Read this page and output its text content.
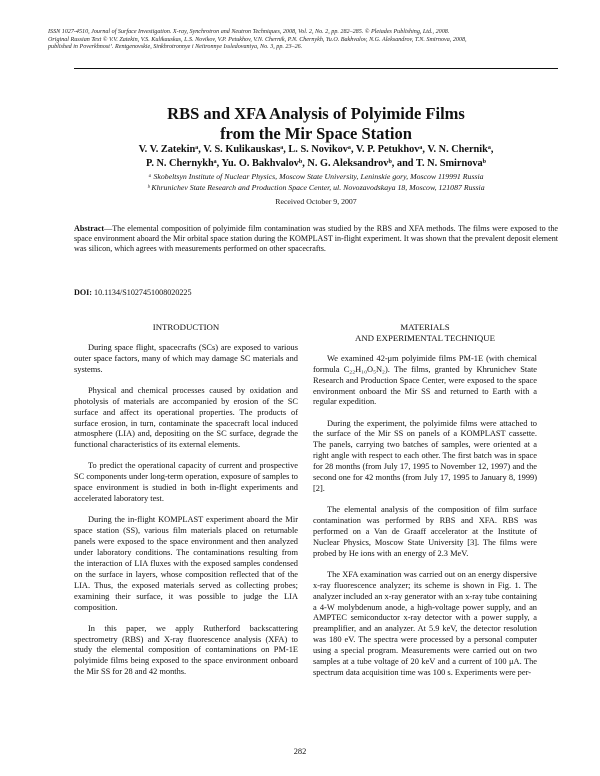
ISSN 1027-4510, Journal of Surface Investigation. X-ray, Synchrotron and Neutron Techniques, 2008, Vol. 2, No. 2, pp. 282–285. © Pleiades Publishing, Ltd., 2008.
Original Russian Text © V.V. Zatekin, V.S. Kulikauskas, L.S. Novikov, V.P. Petukhov, V.N. Chernik, P.N. Chernykh, Yu.O. Bakhvalov, N.G. Aleksandrov, T.N. Smirnova, 2008,
published in Poverkhnost’. Rentgenovskie, Sinkhrotronnye i Neitronnye Issledovaniya, No. 3, pp. 23–26.
RBS and XFA Analysis of Polyimide Films
from the Mir Space Station
V. V. Zatekinᵃ, V. S. Kulikauskasᵃ, L. S. Novikovᵃ, V. P. Petukhovᵃ, V. N. Chernikᵃ,
P. N. Chernykhᵃ, Yu. O. Bakhvalovᵇ, N. G. Aleksandrovᵇ, and T. N. Smirnovaᵇ
ᵃ Skobeltsyn Institute of Nuclear Physics, Moscow State University, Leninskie gory, Moscow 119991 Russia
ᵇ Khrunichev State Research and Production Space Center, ul. Novozavodskaya 18, Moscow, 121087 Russia
Received October 9, 2007
Abstract—The elemental composition of polyimide film contamination was studied by the RBS and XFA methods. The films were exposed to the space environment aboard the Mir orbital space station during the KOMPLAST in-flight experiment. It was shown that the prevalent deposit element was silicon, which agrees with measurements performed on other spacecrafts.
DOI: 10.1134/S1027451008020225
INTRODUCTION

During space flight, spacecrafts (SCs) are exposed to various outer space factors, many of which may damage SC materials and systems.

Physical and chemical processes caused by oxidation and photolysis of materials are accompanied by erosion of the SC surface and affect its operational properties. The products of surface erosion, in turn, contaminate the spacecraft local induced atmosphere (LIA) and, depositing on the SC surface, degrade the functional characteristics of its external elements.

To predict the operational capacity of current and prospective SC components under long-term operation, exposure of samples to space environment is studied in both in-flight experiments and accelerated laboratory test.

During the in-flight KOMPLAST experiment aboard the Mir space station (SS), various film materials placed on returnable panels were exposed to the space environment and then analyzed under laboratory conditions. The contaminations resulting from the interaction of LIA fluxes with the exposed samples condensed on the surface in layers, whose composition reflected that of the LIA. Thus, the exposed materials served as collecting probes; examining their surface, it was possible to judge the LIA composition.

In this paper, we apply Rutherford backscattering spectrometry (RBS) and X-ray fluorescence analysis (XFA) to study the elemental composition of contaminations on PM-1E polyimide films being exposed to the space environment onboard the Mir SS for 28 and 42 months.

MATERIALS
AND EXPERIMENTAL TECHNIQUE

We examined 42-μm polyimide films PM-1E (with chemical formula C₂₂H₁₀O₅N₂). The films, granted by Khrunichev State Research and Production Space Center, were exposed to the space environment onboard the Mir SS and returned to Earth with a regular expedition.

During the experiment, the polyimide films were attached to the surface of the Mir SS on panels of a KOMPLAST cassette. The panels, carrying two batches of samples, were oriented at a right angle with respect to each other. The first batch was in space for 28 months (from July 17, 1995 to November 12, 1997) and the second one for 42 months (from July 17, 1995 to January 8, 1999) [2].

The elemental analysis of the composition of film surface contamination was performed by RBS and XFA. RBS was performed on a Van de Graaff accelerator at the Institute of Nuclear Physics, Moscow State University [3]. The films were probed by He ions with an energy of 2.3 MeV.

The XFA examination was carried out on an energy dispersive x-ray fluorescence analyzer; its scheme is shown in Fig. 1. The analyzer included an x-ray generator with an x-ray tube containing a 4-W molybdenum anode, a high-voltage power supply, and an AMPTEC semiconductor x-ray detector with a power supply, a preamplifier, and an analyzer. At 5.9 keV, the detector resolution was 180 eV. The spectra were processed by a personal computer using a special program. Measurements were carried out on two samples at a tube voltage of 20 keV and a current of 100 μA. The spectrum data acquisition time was 100 s. Experiments were per-

282
